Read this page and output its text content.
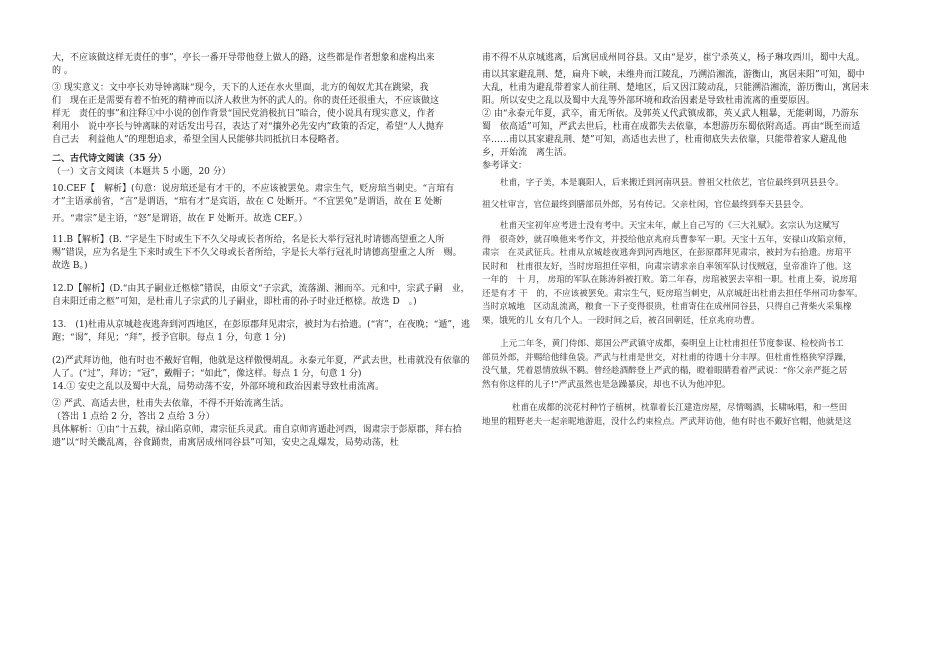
大，不应该做这样无责任的事”，亭长一番开导带他登上做人的路，这些都是作者想象和虚构出来
的 。
③ 现实意义：文中亭长劝导钟离昧“现今，天下的人还在水火里面，北方的匈奴尤其在跳梁，我
们　现在正是需要有着不怕死的精神而以济人救世为怀的武人的。你的责任还很重大，不应该做这
样无　责任的事”和注释①中小说的创作背景“国民党消极抗日”暗合，使小说具有现实意义，作者
利用小　说中亭长与钟离昧的对话发出号召，表达了对“攘外必先安内”政策的否定，希望“人人抛弃
自己去　利益他人”的理想追求，希望全国人民能够共同抵抗日本侵略者。
二、古代诗文阅读（35 分）
（一）文言文阅读（本题共 5 小题，20 分）
10.CEF【　解析】(句意：说房琯还是有才干的，不应该被罢免。肃宗生气，贬房琯当刺史。“言琯有
才”主语承前省，“言”是谓语，“琯有才”是宾语，故在 C 处断开。“不宜罢免”是谓语，故在 E 处断
开。“肃宗”是主语，“怒”是谓语，故在 F 处断开。故选 CEF。）
11.B【解析】(B. “字是生下时或生下不久父母或长者所给，名是长大举行冠礼时请德高望重之人所　赐”错误，应为名是生下来时或生下不久父母或长者所给，字是长大举行冠礼时请德高望重之人所　赐。故选 B。)
12.D【解析】(D.“由其子嗣业迁柩榇”错误，由原文“子宗武，流落湖、湘而卒。元和中，宗武子嗣　业，自耒阳迁甫之柩”可知，是杜甫儿子宗武的儿子嗣业，即杜甫的孙子时业迁柩榇。故选 D　。)
13.　(1)杜甫从京城趁夜逃奔到河西地区，在彭原郡拜见肃宗，被封为右拾遗。(“宵”，在夜晚；“遁”，逃跑；“谒”，拜见；“拜”，授予官职。每点 1 分，句意 1 分)
(2)严武拜访他，他有时也不戴好官帽，他就是这样傲慢胡乱。永泰元年夏，严武去世，杜甫就没有依靠的人了。(“过”，拜访；“冠”，戴帽子；“如此”，像这样。每点 1 分，句意 1 分)
14.① 安史之乱以及蜀中大乱，局势动荡不安，外部环境和政治因素导致杜甫流离。
② 严武、高适去世，杜甫失去依靠，不得不开始流离生活。
（答出 1 点给 2 分，答出 2 点给 3 分）
具体解析：①由“十五载，禄山陷京师，肃宗征兵灵武。甫自京师宵遁赴河西，谒肃宗于彭原郡，拜右拾遗”以“时关畿乱离，谷食踊贵，甫寓居成州同谷县”可知，安史之乱爆发，局势动荡，杜
甫不得不从京城逃离，后寓居成州同谷县。又由“是岁，崔宁杀英乂，杨子琳攻西川，蜀中大乱。
甫以其家避乱荆、楚，扁舟下峡，未维舟而江陵乱，乃溯沿湘流，游衡山，寓居耒阳”可知，蜀中
大乱，杜甫为避乱带着家人前往荆、楚地区，后又因江陵动乱，只能溯沿湘流，游历衡山，寓居耒
阳。所以安史之乱以及蜀中大乱等外部环境和政治因素是导致杜甫流离的重要原因。
② 由“永泰元年夏，武卒，甫无所依。及郭英乂代武镇成都，英乂武人粗暴，无能刺谒，乃游东
蜀　依高适”可知，严武去世后，杜甫在成都失去依靠，本想游历东蜀依附高适。再由“既至而适
卒……甫以其家避乱荆、楚”可知，高适也去世了，杜甫彻底失去依靠，只能带着家人避乱他
乡，开始流　离生活。
参考译文：
杜甫，字子美，本是襄阳人，后来搬迁到河南巩县。曾祖父杜依艺，官位最终到巩县县令。
祖父杜审言，官位最终到膳部员外郎，另有传记。父亲杜闲，官位最终到奉天县县令。
杜甫天宝初年应考进士没有考中。天宝末年，献上自己写的《三大礼赋》。玄宗认为这赋写
得　很奇妙，就召唤他来考作文，并授给他京兆府兵曹参军一职。天宝十五年，安禄山攻陷京师，
肃宗　在灵武征兵。杜甫从京城趁夜逃奔到河西地区，在彭原郡拜见肃宗，被封为右拾遗。房琯平
民时和　杜甫很友好，当时房琯担任宰相，向肃宗请求亲自率领军队讨伐贼寇，皇帝准许了他。这
一年的　十 月， 房琯的军队在陈涛斜被打败。第二年春，房琯被罢去宰相一职。杜甫上奏，说房琯
还是有才 干　的，不应该被罢免。肃宗生气，贬房琯当刺史，从京城赶出杜甫去担任华州司功参军。
当时京城地　区动乱流离，粮食一下子变得很贵，杜甫寄住在成州同谷县，只得自己背柴火采集橡
栗，饿死的儿 女有几个人。一段时间之后，被召回朝廷，任京兆府功曹。
上元二年冬，黄门侍郎、郑国公严武镇守成都，奏明皇上让杜甫担任节度参谋、检校尚书工
部员外郎，并赐给他绯鱼袋。严武与杜甫是世交，对杜甫的待遇十分丰厚。但杜甫性格狭窄浮躁，
没气量，凭着恩情放纵不羁。曾经趁酒醉登上严武的榻，瞪着眼睛看着严武说：“你父亲严挺之居
然有你这样的儿子!”严武虽然也是急躁暴戾，却也不认为他冲犯。
杜甫在成都的浣花村种竹子植树，枕靠着长江建造房屋，尽情喝酒，长啸咏唱，和一些田
地里的粗野老夫一起亲昵地游逛，没什么约束检点。严武拜访他，他有时也不戴好官帽，他就是这
